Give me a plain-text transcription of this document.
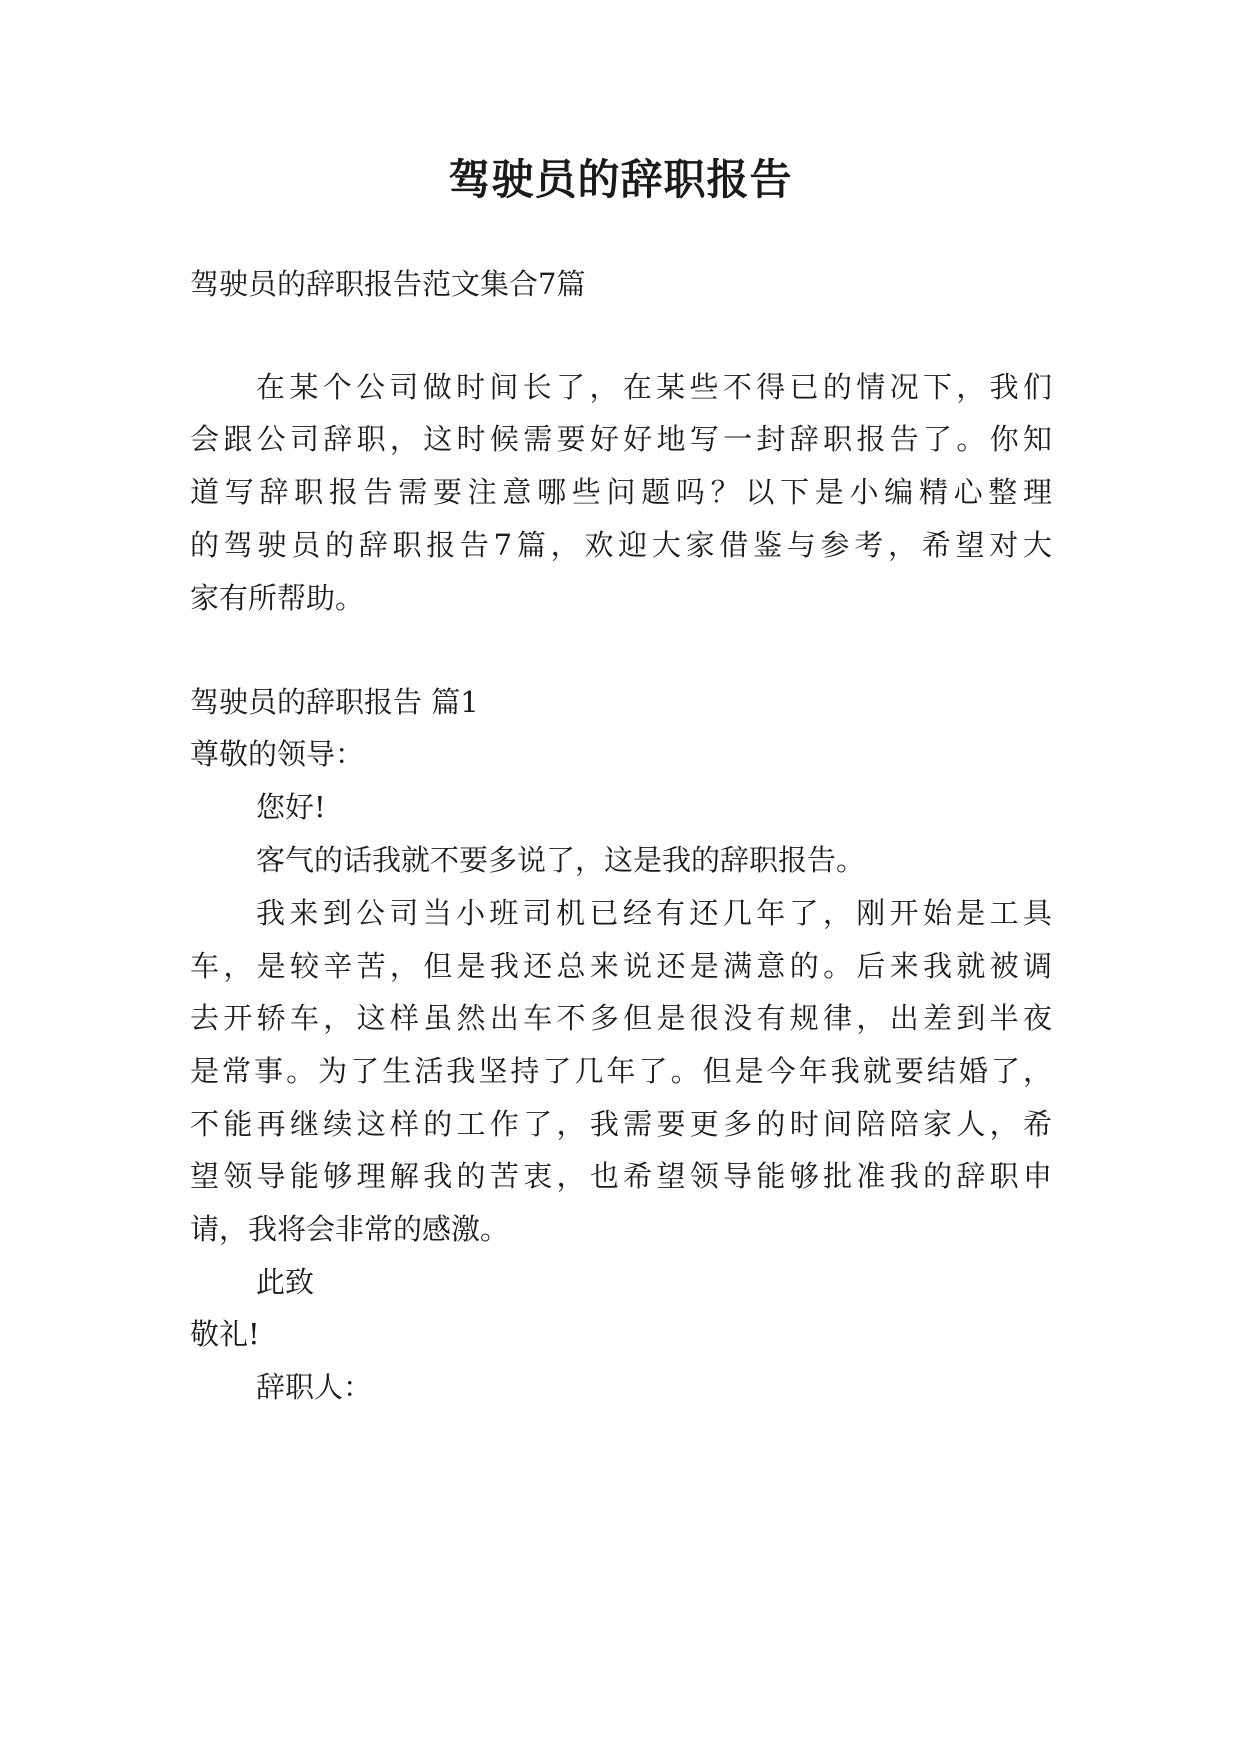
驾驶员的辞职报告
驾驶员的辞职报告范文集合7篇
在某个公司做时间长了，在某些不得已的情况下，我们
会跟公司辞职，这时候需要好好地写一封辞职报告了。你知
道写辞职报告需要注意哪些问题吗？以下是小编精心整理
的驾驶员的辞职报告7篇，欢迎大家借鉴与参考，希望对大
家有所帮助。
驾驶员的辞职报告 篇1
尊敬的领导：
您好!
客气的话我就不要多说了，这是我的辞职报告。
我来到公司当小班司机已经有还几年了，刚开始是工具
车，是较辛苦，但是我还总来说还是满意的。后来我就被调
去开轿车，这样虽然出车不多但是很没有规律，出差到半夜
是常事。为了生活我坚持了几年了。但是今年我就要结婚了，
不能再继续这样的工作了，我需要更多的时间陪陪家人，希
望领导能够理解我的苦衷，也希望领导能够批准我的辞职申
请，我将会非常的感激。
此致
敬礼!
辞职人：
